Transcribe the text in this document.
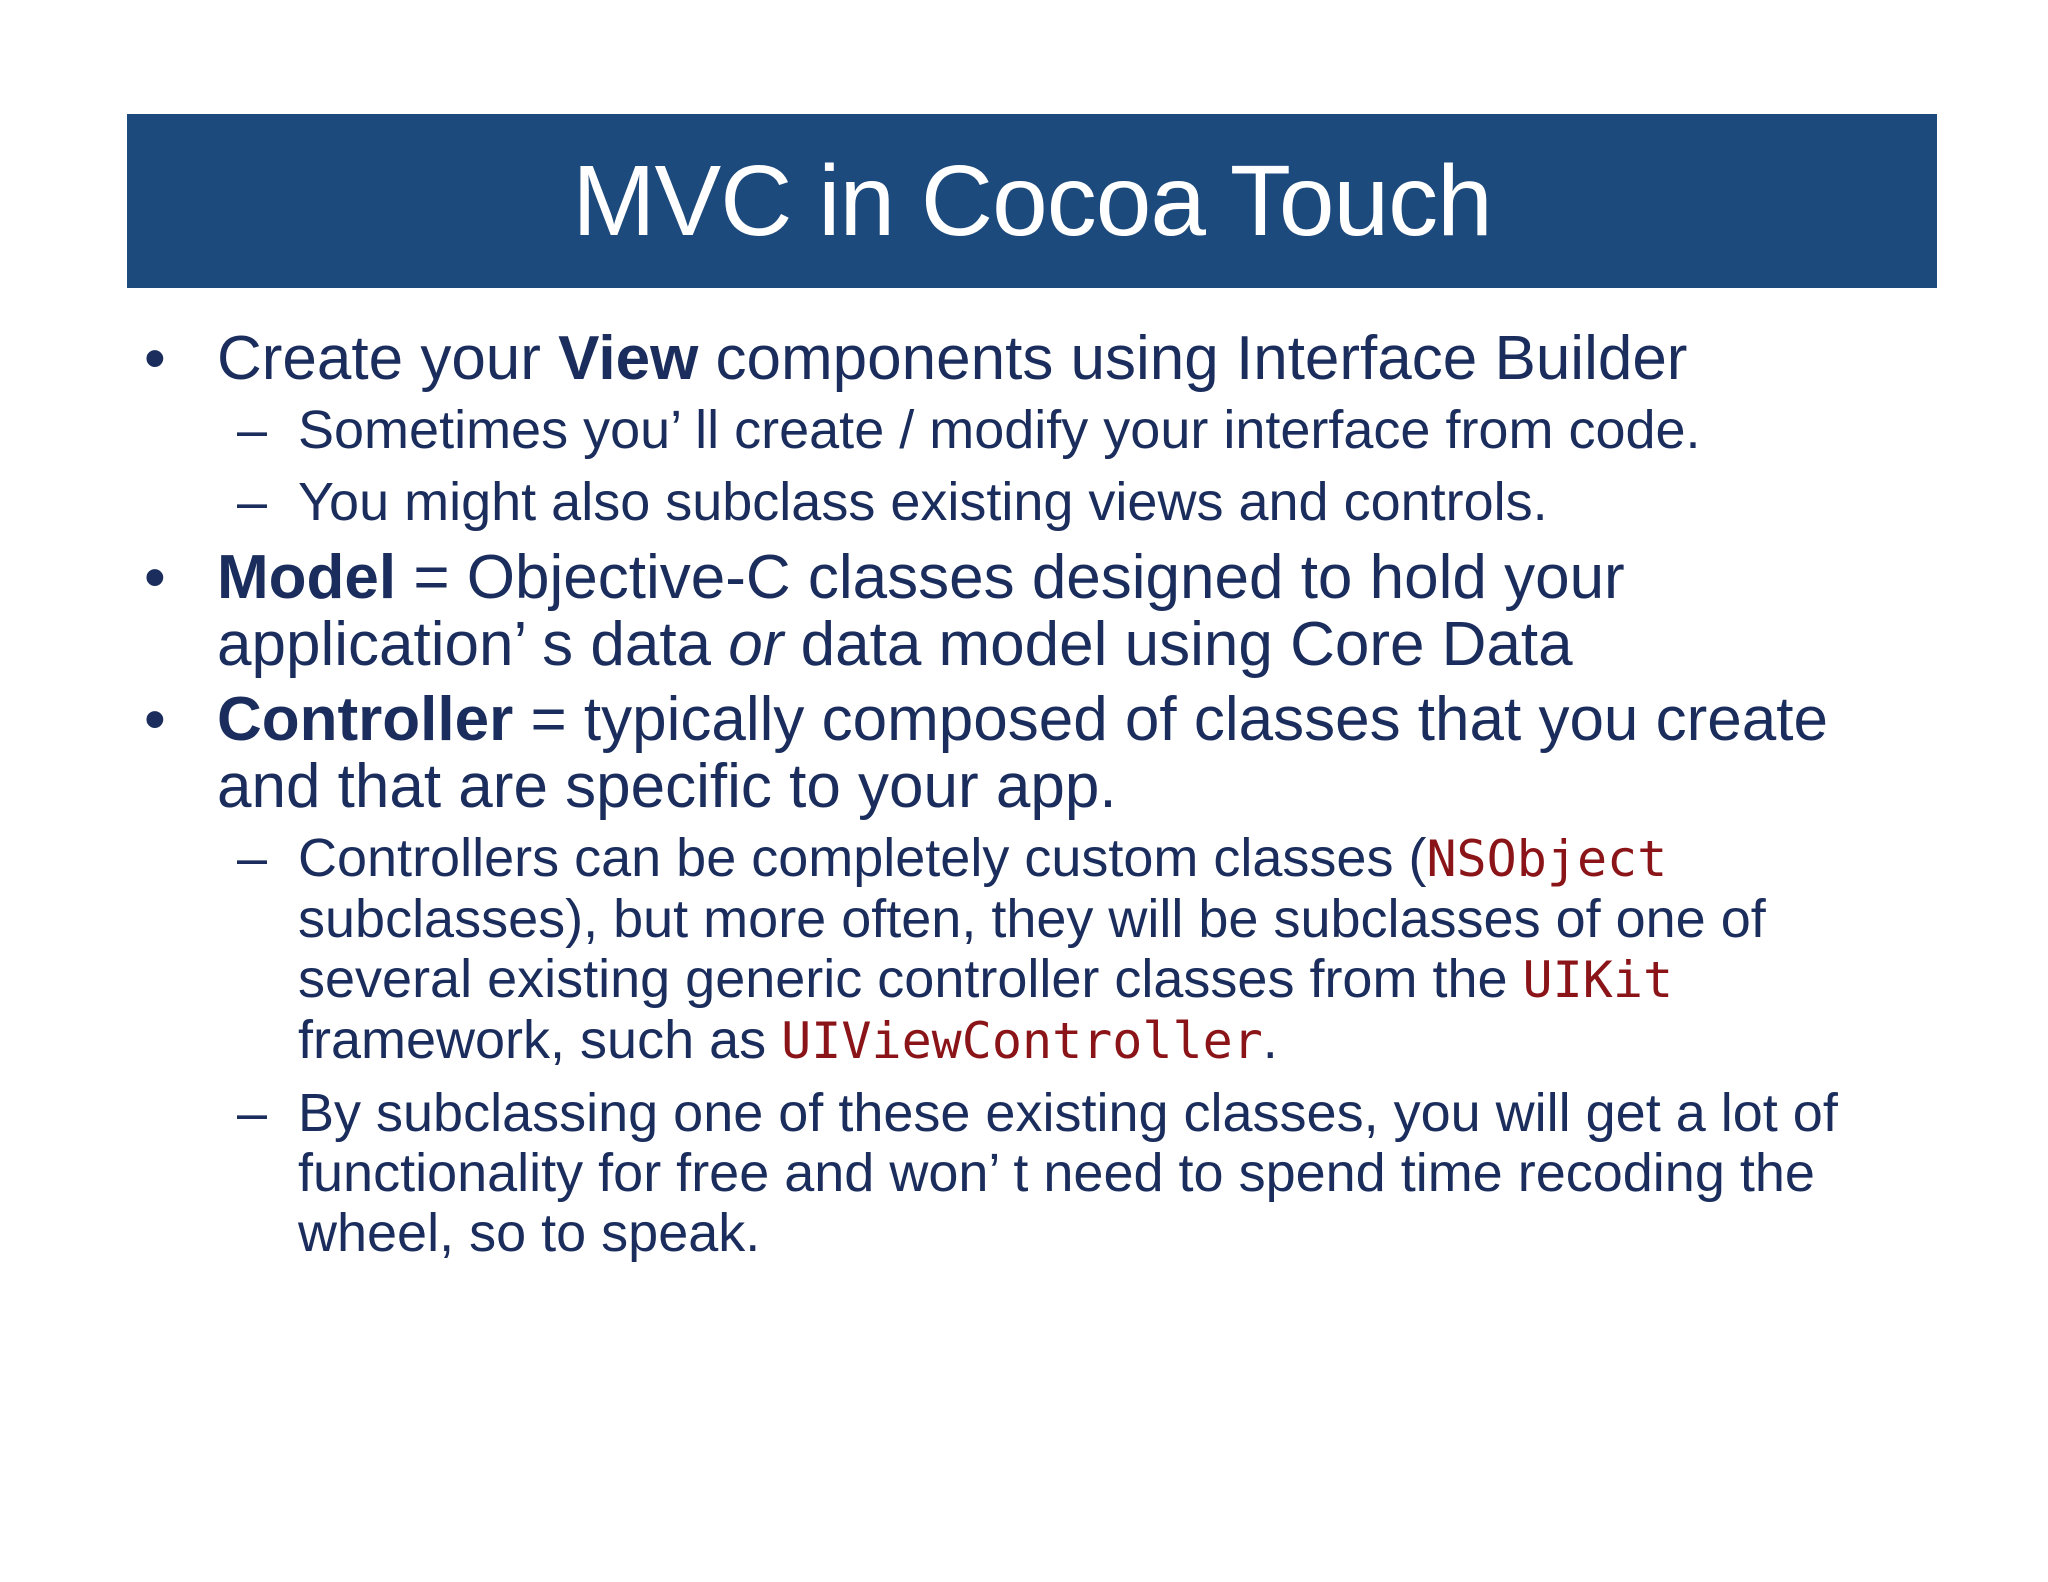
MVC in Cocoa Touch
• Create your View components using Interface Builder
– Sometimes you’ ll create / modify your interface from code.
– You might also subclass existing views and controls.
• Model = Objective-C classes designed to hold your application’ s data or data model using Core Data
• Controller = typically composed of classes that you create and that are specific to your app.
– Controllers can be completely custom classes (NSObject subclasses), but more often, they will be subclasses of one of several existing generic controller classes from the UIKit framework, such as UIViewController.
– By subclassing one of these existing classes, you will get a lot of functionality for free and won’ t need to spend time recoding the wheel, so to speak.
